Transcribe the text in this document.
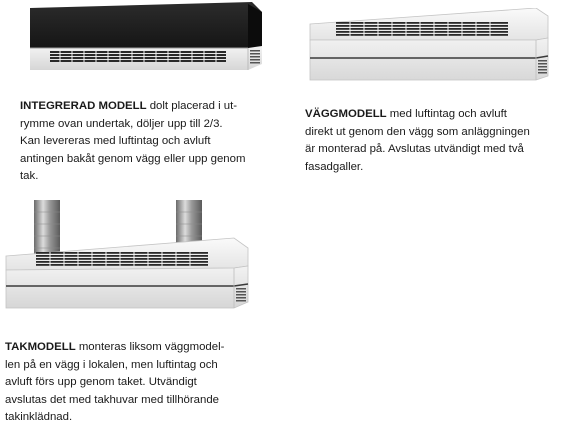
INTEGRERAD MODELL dolt placerad i ut-
rymme ovan undertak, döljer upp till 2/3.
Kan levereras med luftintag och avluft
antingen bakåt genom vägg eller upp genom
tak.

VÄGGMODELL med luftintag och avluft
direkt ut genom den vägg som anläggningen
är monterad på. Avslutas utvändigt med två
fasadgaller.

TAKMODELL monteras liksom väggmodel-
len på en vägg i lokalen, men luftintag och
avluft förs upp genom taket. Utvändigt
avslutas det med takhuvar med tillhörande
takinklädnad.
